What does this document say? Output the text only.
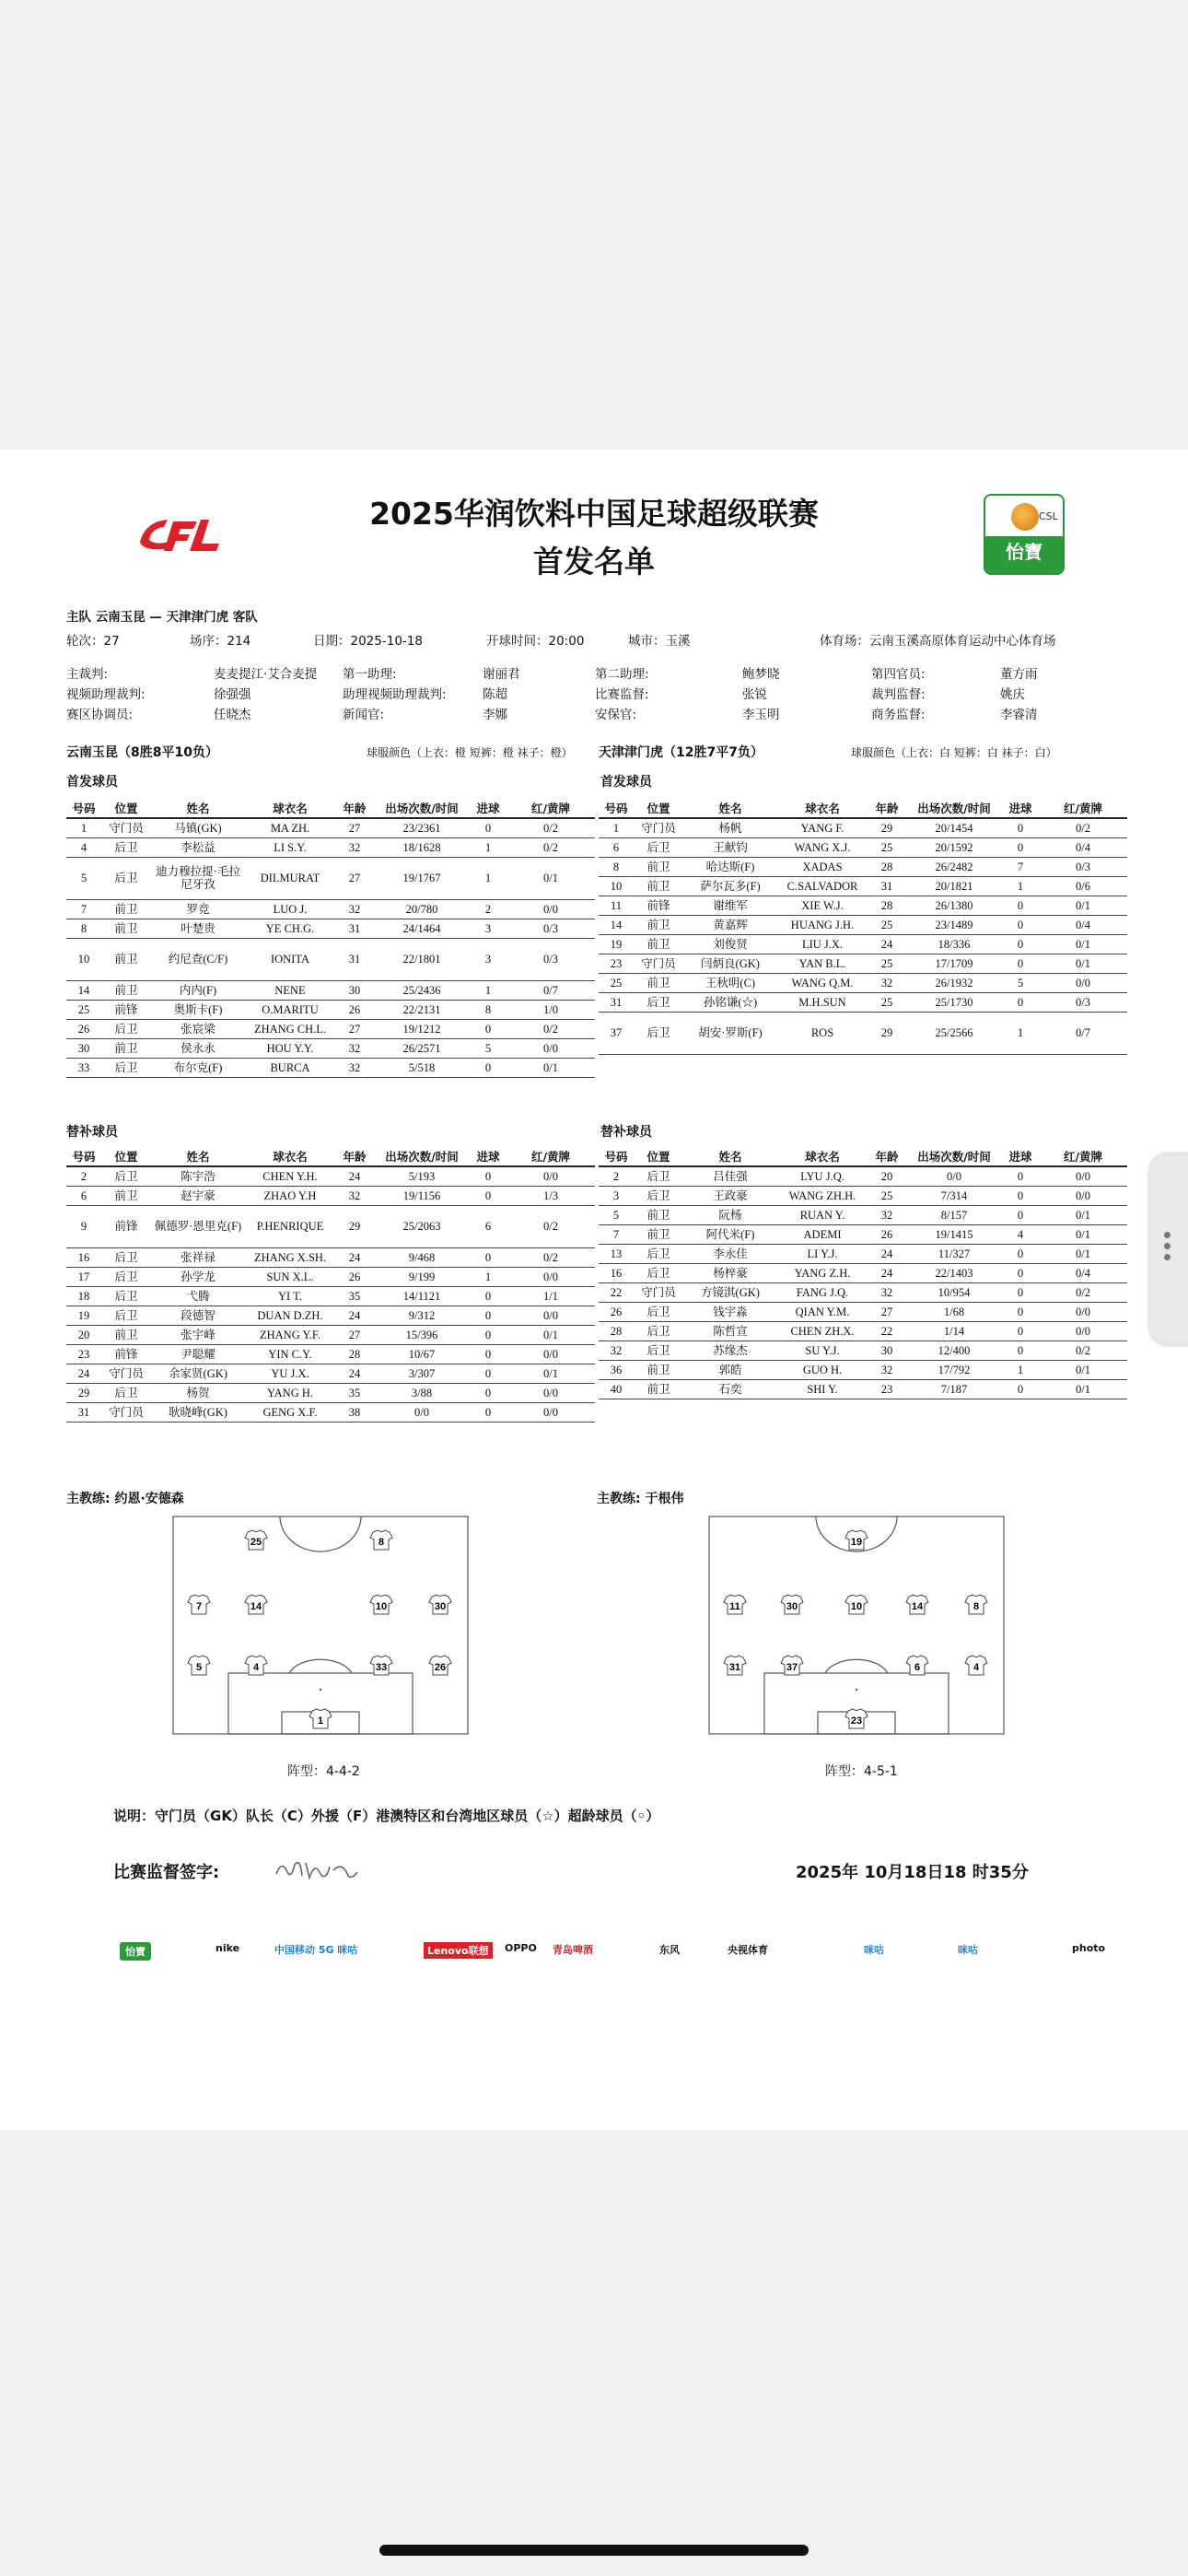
2025华润饮料中国足球超级联赛
首发名单
CSL
怡寶
主队 云南玉昆 — 天津津门虎 客队
轮次：27	场序：214	日期：2025-10-18	开球时间：20:00	城市：玉溪	体育场：云南玉溪高原体育运动中心体育场
主裁判:	麦麦提江·艾合麦提 第一助理:	谢丽君	第二助理:	鲍梦晓	第四官员:	董方雨
视频助理裁判:	徐强强	助理视频助理裁判:	陈超	比赛监督:	张锐	裁判监督:	姚庆
赛区协调员:	任晓杰	新闻官:	李娜	安保官:	李玉明	商务监督:	李睿清
云南玉昆（8胜8平10负）	球服颜色（上衣：橙 短裤：橙 袜子：橙） 天津津门虎（12胜7平7负）	球服颜色（上衣：白 短裤：白 袜子：白）
首发球员	首发球员
号码	位置	姓名	球衣名	年龄	出场次数/时间	进球	红/黄牌
1	守门员	马镇(GK)	MA ZH.	27	23/2361	0	0/2
4	后卫	李松益	LI S.Y.	32	18/1628	1	0/2
5	后卫	迪力穆拉提·毛拉尼牙孜	DILMURAT	27	19/1767	1	0/1
7	前卫	罗竞	LUO J.	32	20/780	2	0/0
8	前卫	叶楚贵	YE CH.G.	31	24/1464	3	0/3
10	前卫	约尼查(C/F)	IONITA	31	22/1801	3	0/3
14	前卫	内内(F)	NENE	30	25/2436	1	0/7
25	前锋	奥斯卡(F)	O.MARITU	26	22/2131	8	1/0
26	后卫	张宸梁	ZHANG CH.L.	27	19/1212	0	0/2
30	前卫	侯永永	HOU Y.Y.	32	26/2571	5	0/0
33	后卫	布尔克(F)	BURCA	32	5/518	0	0/1
号码	位置	姓名	球衣名	年龄	出场次数/时间	进球	红/黄牌
1	守门员	杨帆	YANG F.	29	20/1454	0	0/2
6	后卫	王献钧	WANG X.J.	25	20/1592	0	0/4
8	前卫	哈达斯(F)	XADAS	28	26/2482	7	0/3
10	前卫	萨尔瓦多(F)	C.SALVADOR	31	20/1821	1	0/6
11	前锋	谢维军	XIE W.J.	28	26/1380	0	0/1
14	前卫	黄嘉辉	HUANG J.H.	25	23/1489	0	0/4
19	前卫	刘俊贤	LIU J.X.	24	18/336	0	0/1
23	守门员	闫炳良(GK)	YAN B.L.	25	17/1709	0	0/1
25	前卫	王秋明(C)	WANG Q.M.	32	26/1932	5	0/0
31	后卫	孙铭谦(☆)	M.H.SUN	25	25/1730	0	0/3
37	后卫	胡安·罗斯(F)	ROS	29	25/2566	1	0/7
替补球员	替补球员
号码	位置	姓名	球衣名	年龄	出场次数/时间	进球	红/黄牌
2	后卫	陈宇浩	CHEN Y.H.	24	5/193	0	0/0
6	前卫	赵宇豪	ZHAO Y.H	32	19/1156	0	1/3
9	前锋	佩德罗·恩里克(F)	P.HENRIQUE	29	25/2063	6	0/2
16	后卫	张祥禄	ZHANG X.SH.	24	9/468	0	0/2
17	后卫	孙学龙	SUN X.L.	26	9/199	1	0/0
18	后卫	弋腾	YI T.	35	14/1121	0	1/1
19	后卫	段德智	DUAN D.ZH.	24	9/312	0	0/0
20	前卫	张宇峰	ZHANG Y.F.	27	15/396	0	0/1
23	前锋	尹聪耀	YIN C.Y.	28	10/67	0	0/0
24	守门员	余家贤(GK)	YU J.X.	24	3/307	0	0/1
29	后卫	杨贺	YANG H.	35	3/88	0	0/0
31	守门员	耿晓峰(GK)	GENG X.F.	38	0/0	0	0/0
号码	位置	姓名	球衣名	年龄	出场次数/时间	进球	红/黄牌
2	后卫	吕佳强	LYU J.Q.	20	0/0	0	0/0
3	后卫	王政豪	WANG ZH.H.	25	7/314	0	0/0
5	前卫	阮杨	RUAN Y.	32	8/157	0	0/1
7	前卫	阿代米(F)	ADEMI	26	19/1415	4	0/1
13	后卫	李永佳	LI Y.J.	24	11/327	0	0/1
16	后卫	杨梓豪	YANG Z.H.	24	22/1403	0	0/4
22	守门员	方镜淇(GK)	FANG J.Q.	32	10/954	0	0/2
26	后卫	钱宇淼	QIAN Y.M.	27	1/68	0	0/0
28	后卫	陈哲宣	CHEN ZH.X.	22	1/14	0	0/0
32	后卫	苏缘杰	SU Y.J.	30	12/400	0	0/2
36	前卫	郭皓	GUO H.	32	17/792	1	0/1
40	前卫	石奕	SHI Y.	23	7/187	0	0/1
主教练: 约恩·安德森	主教练: 于根伟
25	8
7	14	10	30
5	4	33	26
1
19
11	30	10	14	8
31	37	6	4
23
阵型：4-4-2	阵型：4-5-1
说明：守门员（GK）队长（C）外援（F）港澳特区和台湾地区球员（☆）超龄球员（◦）
比赛监督签字:	2025年 10月18日18 时35分
怡寶	nike	中国移动 5G 咪咕	Lenovo联想	OPPO 青岛啤酒	东风	央视体育	咪咕	咪咕	photo
